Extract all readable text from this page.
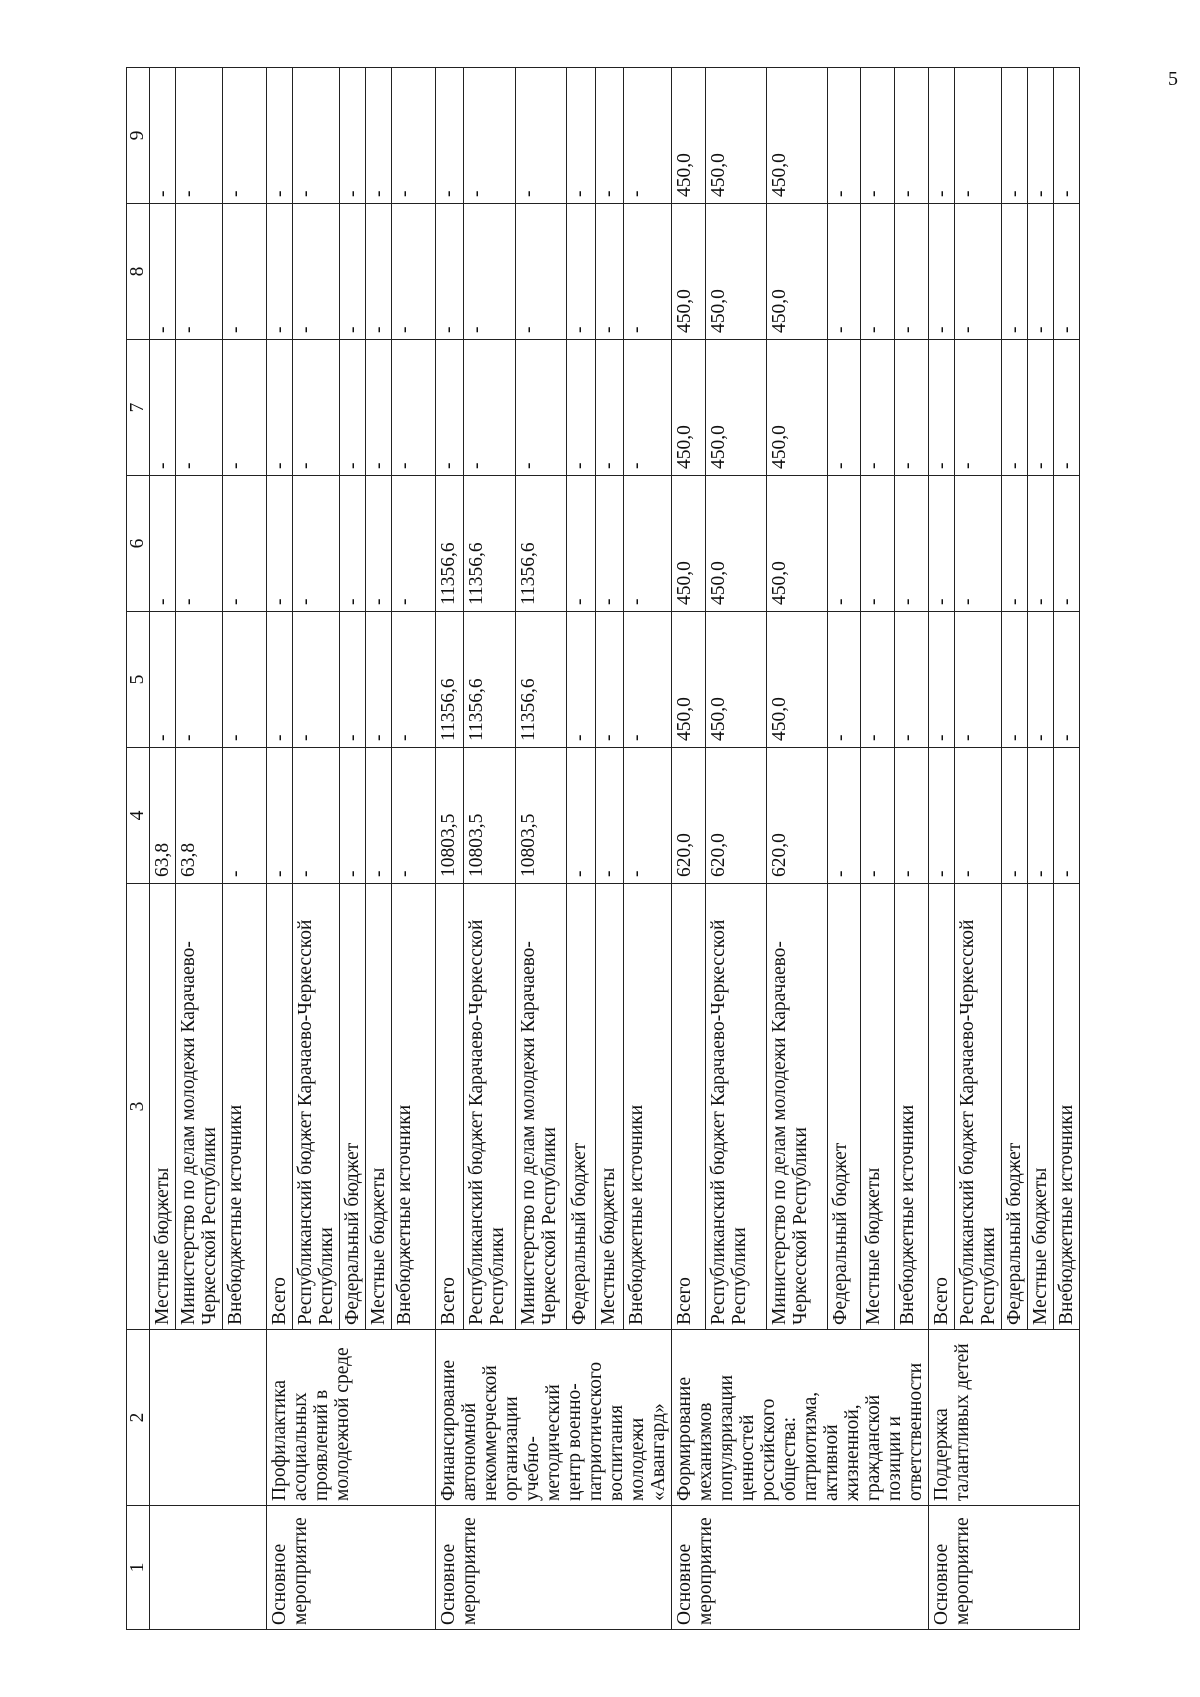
5
1	2	3	4	5	6	7	8	9
		Местные бюджеты	63,8	-	-	-	-	-
		Министерство по делам молодежи Карачаево-Черкесской Республики	63,8	-	-	-	-	-
		Внебюджетные источники	-	-	-	-	-	-
Основное мероприятие	Профилактика асоциальных проявлений в молодежной среде	Всего	-	-	-	-	-	-
		Республиканский бюджет Карачаево-Черкесской Республики	-	-	-	-	-	-
		Федеральный бюджет	-	-	-	-	-	-
		Местные бюджеты	-	-	-	-	-	-
		Внебюджетные источники	-	-	-	-	-	-
Основное мероприятие	Финансирование автономной некоммерческой организации учебно-методический центр военно-патриотического воспитания молодежи «Авангард»	Всего	10803,5	11356,6	11356,6	-	-	-
		Республиканский бюджет Карачаево-Черкесской Республики	10803,5	11356,6	11356,6	-	-	-
		Министерство по делам молодежи Карачаево-Черкесской Республики	10803,5	11356,6	11356,6	-	-	-
		Федеральный бюджет	-	-	-	-	-	-
		Местные бюджеты	-	-	-	-	-	-
		Внебюджетные источники	-	-	-	-	-	-
Основное мероприятие	Формирование механизмов популяризации ценностей российского общества: патриотизма, активной жизненной, гражданской позиции и ответственности	Всего	620,0	450,0	450,0	450,0	450,0	450,0
		Республиканский бюджет Карачаево-Черкесской Республики	620,0	450,0	450,0	450,0	450,0	450,0
		Министерство по делам молодежи Карачаево-Черкесской Республики	620,0	450,0	450,0	450,0	450,0	450,0
		Федеральный бюджет	-	-	-	-	-	-
		Местные бюджеты	-	-	-	-	-	-
		Внебюджетные источники	-	-	-	-	-	-
Основное мероприятие	Поддержка талантливых детей	Всего	-	-	-	-	-	-
		Республиканский бюджет Карачаево-Черкесской Республики	-	-	-	-	-	-
		Федеральный бюджет	-	-	-	-	-	-
		Местные бюджеты	-	-	-	-	-	-
		Внебюджетные источники	-	-	-	-	-	-
